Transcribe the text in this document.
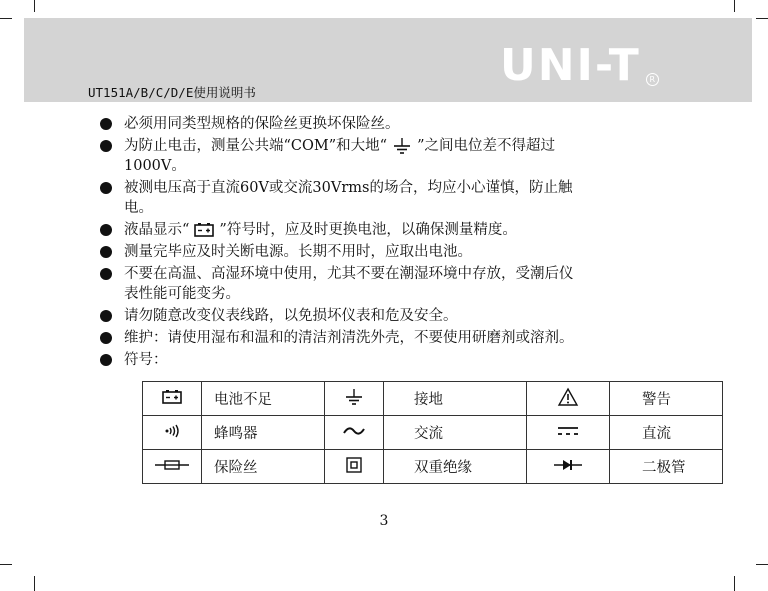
UT151A/B/C/D/E使用说明书
UNI-T	R
必须用同类型规格的保险丝更换坏保险丝。
为防止电击，测量公共端“COM”和大地“ ”之间电位差不得超过
1000V。
被测电压高于直流60V或交流30Vrms的场合，均应小心谨慎，防止触
电。
液晶显示“ ”符号时，应及时更换电池，以确保测量精度。
测量完毕应及时关断电源。长期不用时，应取出电池。
不要在高温、高湿环境中使用，尤其不要在潮湿环境中存放，受潮后仪
表性能可能变劣。
请勿随意改变仪表线路，以免损坏仪表和危及安全。
维护：请使用湿布和温和的清洁剂清洗外壳，不要使用研磨剂或溶剂。
符号：
	电池不足		接地		警告

	蜂鸣器		交流		直流

	保险丝		双重绝缘		二极管
3
